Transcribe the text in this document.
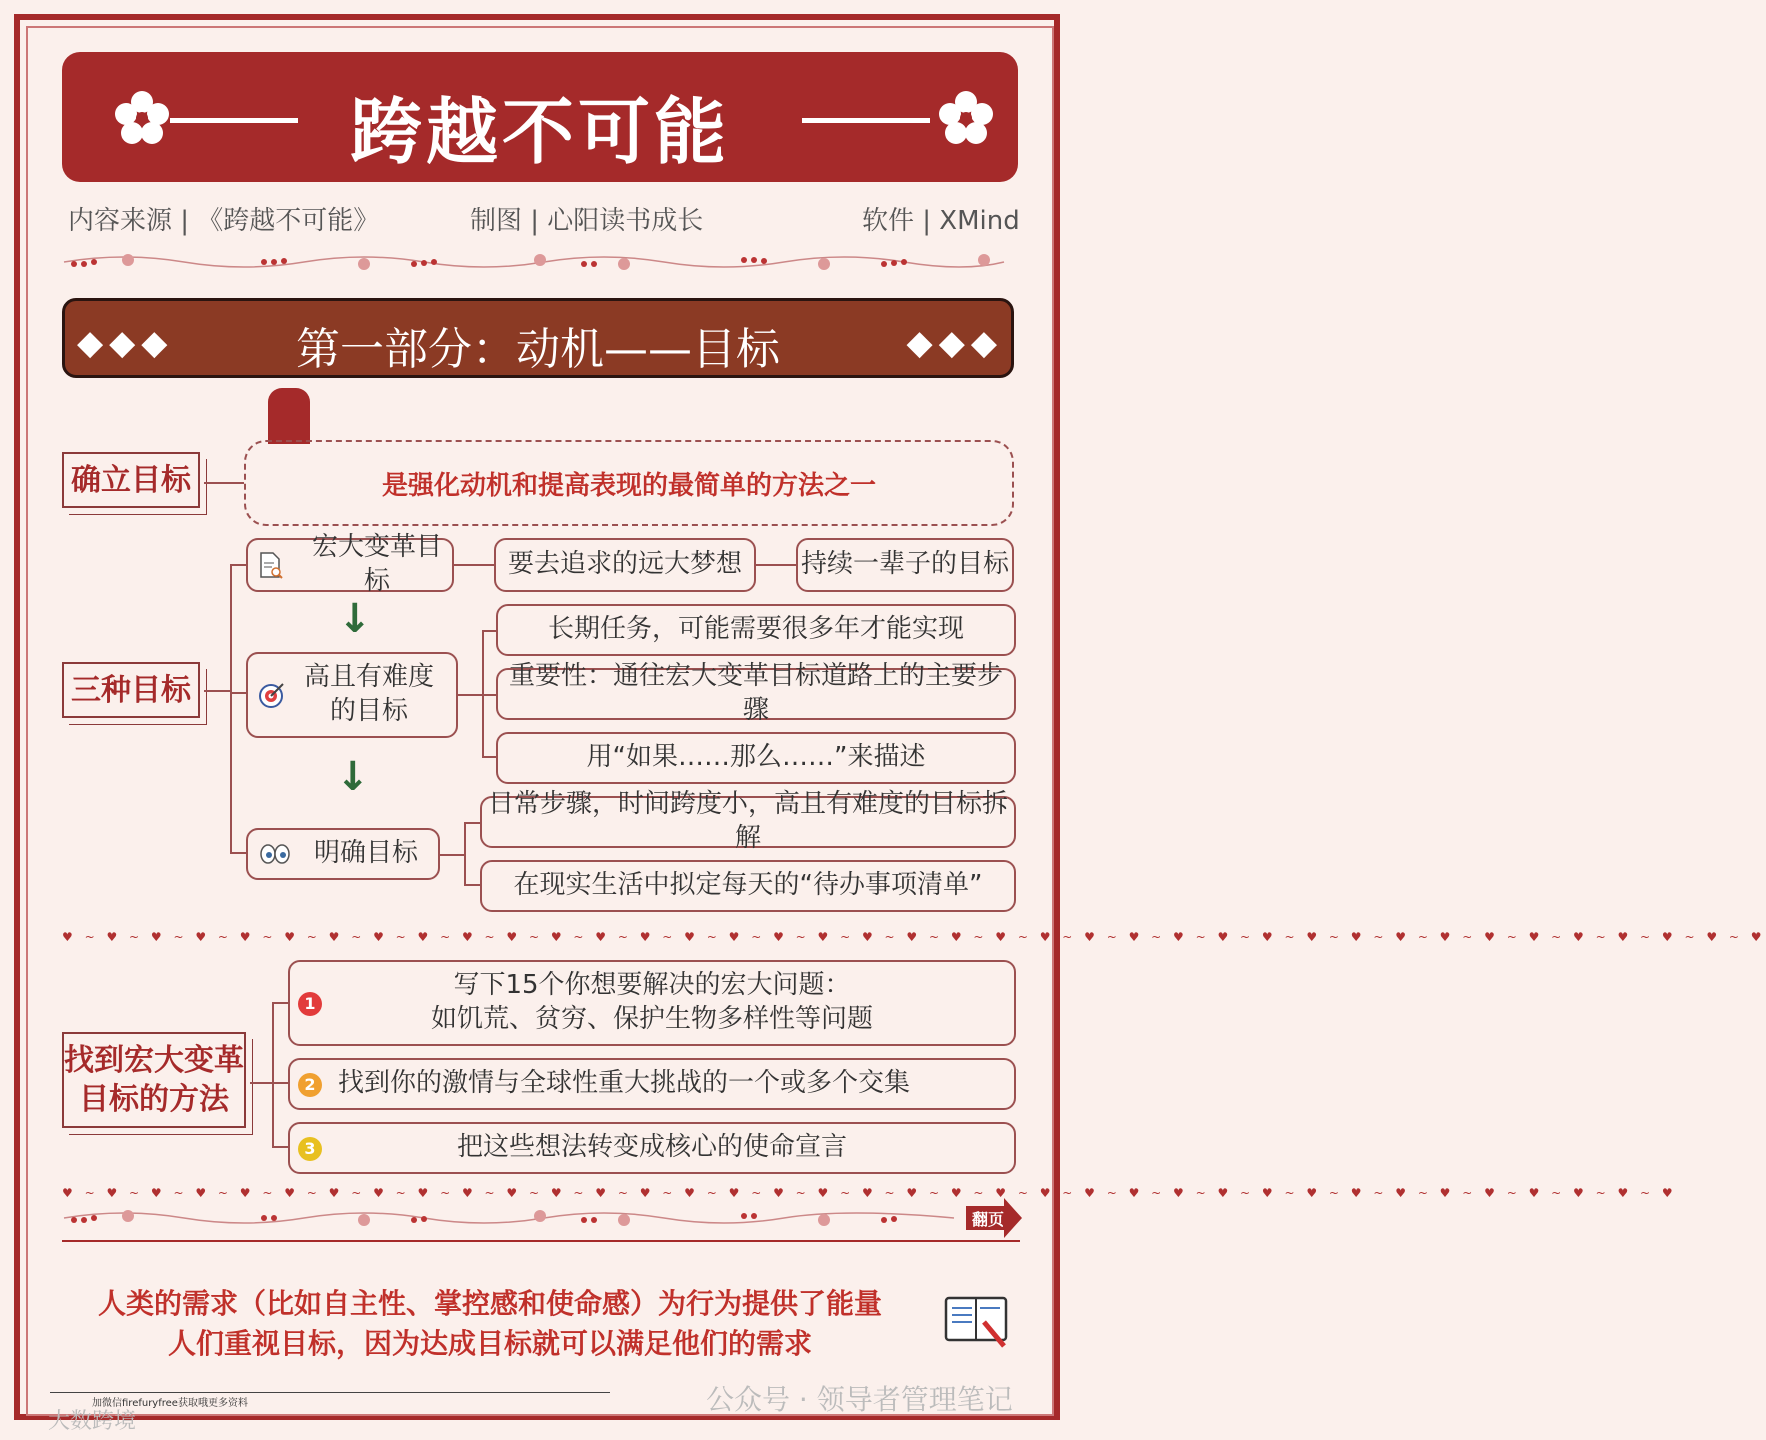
跨越不可能
内容来源 | 《跨越不可能》	制图 | 心阳读书成长	软件 | XMind
◆◆◆	第一部分：动机——目标	◆◆◆
确立目标	是强化动机和提高表现的最简单的方法之一
三种目标
宏大变革目标
要去追求的远大梦想	持续一辈子的目标
↓
高且有难度
的目标
长期任务，可能需要很多年才能实现
重要性：通往宏大变革目标道路上的主要步骤
用“如果……那么……”来描述
↓
明确目标
日常步骤，时间跨度小，高且有难度的目标拆解
在现实生活中拟定每天的“待办事项清单”
♥ ~ ♥ ~ ♥ ~ ♥ ~ ♥ ~ ♥ ~ ♥ ~ ♥ ~ ♥ ~ ♥ ~ ♥ ~ ♥ ~ ♥ ~ ♥ ~ ♥ ~ ♥ ~ ♥ ~ ♥ ~ ♥ ~ ♥ ~ ♥ ~ ♥ ~ ♥ ~ ♥ ~ ♥ ~ ♥ ~ ♥ ~ ♥ ~ ♥ ~ ♥ ~ ♥ ~ ♥ ~ ♥ ~ ♥ ~ ♥ ~ ♥ ~ ♥ ~ ♥ ~ ♥
找到宏大变革
目标的方法
1
写下15个你想要解决的宏大问题：
如饥荒、贫穷、保护生物多样性等问题
2 找到你的激情与全球性重大挑战的一个或多个交集
3	把这些想法转变成核心的使命宣言
♥ ~ ♥ ~ ♥ ~ ♥ ~ ♥ ~ ♥ ~ ♥ ~ ♥ ~ ♥ ~ ♥ ~ ♥ ~ ♥ ~ ♥ ~ ♥ ~ ♥ ~ ♥ ~ ♥ ~ ♥ ~ ♥ ~ ♥ ~ ♥ ~ ♥ ~ ♥ ~ ♥ ~ ♥ ~ ♥ ~ ♥ ~ ♥ ~ ♥ ~ ♥ ~ ♥ ~ ♥ ~ ♥ ~ ♥ ~ ♥ ~ ♥ ~ ♥
翻页
人类的需求（比如自主性、掌控感和使命感）为行为提供了能量
人们重视目标，因为达成目标就可以满足他们的需求
加微信firefuryfree获取哦更多资料
大数跨境
公众号 · 领导者管理笔记
